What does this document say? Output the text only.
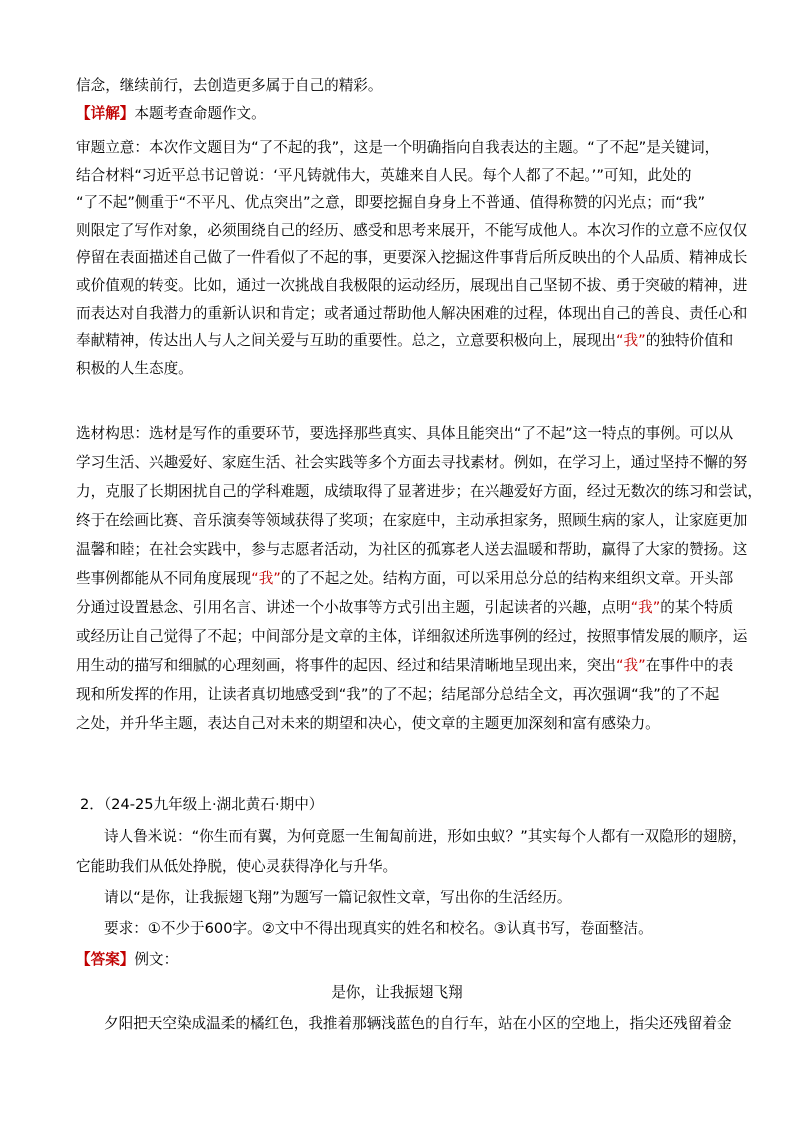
信念，继续前行，去创造更多属于自己的精彩。
【详解】本题考查命题作文。
审题立意：本次作文题目为“了不起的我”，这是一个明确指向自我表达的主题。“了不起”是关键词，
结合材料“习近平总书记曾说：‘平凡铸就伟大，英雄来自人民。每个人都了不起。’”可知，此处的
“了不起”侧重于“不平凡、优点突出”之意，即要挖掘自身身上不普通、值得称赞的闪光点；而“我”
则限定了写作对象，必须围绕自己的经历、感受和思考来展开，不能写成他人。本次习作的立意不应仅仅
停留在表面描述自己做了一件看似了不起的事，更要深入挖掘这件事背后所反映出的个人品质、精神成长
或价值观的转变。比如，通过一次挑战自我极限的运动经历，展现出自己坚韧不拔、勇于突破的精神，进
而表达对自我潜力的重新认识和肯定；或者通过帮助他人解决困难的过程，体现出自己的善良、责任心和
奉献精神，传达出人与人之间关爱与互助的重要性。总之，立意要积极向上，展现出“我”的独特价值和
积极的人生态度。
选材构思：选材是写作的重要环节，要选择那些真实、具体且能突出“了不起”这一特点的事例。可以从
学习生活、兴趣爱好、家庭生活、社会实践等多个方面去寻找素材。例如，在学习上，通过坚持不懈的努
力，克服了长期困扰自己的学科难题，成绩取得了显著进步；在兴趣爱好方面，经过无数次的练习和尝试，
终于在绘画比赛、音乐演奏等领域获得了奖项；在家庭中，主动承担家务，照顾生病的家人，让家庭更加
温馨和睦；在社会实践中，参与志愿者活动，为社区的孤寡老人送去温暖和帮助，赢得了大家的赞扬。这
些事例都能从不同角度展现“我”的了不起之处。结构方面，可以采用总分总的结构来组织文章。开头部
分通过设置悬念、引用名言、讲述一个小故事等方式引出主题，引起读者的兴趣，点明“我”的某个特质
或经历让自己觉得了不起；中间部分是文章的主体，详细叙述所选事例的经过，按照事情发展的顺序，运
用生动的描写和细腻的心理刻画，将事件的起因、经过和结果清晰地呈现出来，突出“我”在事件中的表
现和所发挥的作用，让读者真切地感受到“我”的了不起；结尾部分总结全文，再次强调“我”的了不起
之处，并升华主题，表达自己对未来的期望和决心，使文章的主题更加深刻和富有感染力。
2．（24-25九年级上·湖北黄石·期中）
诗人鲁米说：“你生而有翼，为何竟愿一生匍匐前进，形如虫蚁？”其实每个人都有一双隐形的翅膀，
它能助我们从低处挣脱，使心灵获得净化与升华。
请以“是你，让我振翅飞翔”为题写一篇记叙性文章，写出你的生活经历。
要求：①不少于600字。②文中不得出现真实的姓名和校名。③认真书写，卷面整洁。
【答案】例文：
是你，让我振翅飞翔
夕阳把天空染成温柔的橘红色，我推着那辆浅蓝色的自行车，站在小区的空地上，指尖还残留着金
